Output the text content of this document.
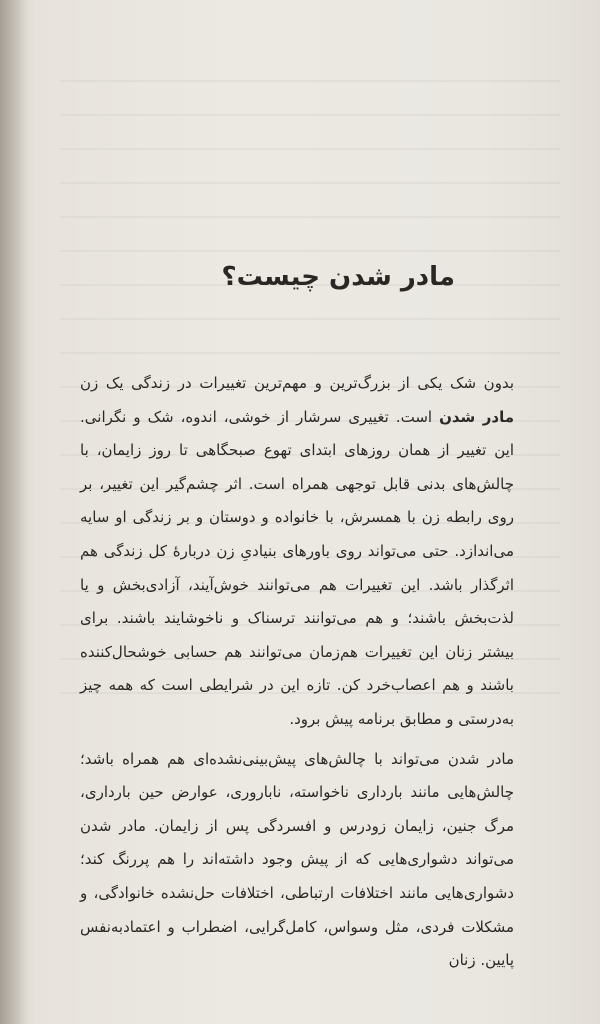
مادر شدن چیست؟

بدون شک یکی از بزرگ‌ترین و مهم‌ترین تغییرات در زندگی یک زن مادر شدن است. تغییری سرشار از خوشی، اندوه، شک و نگرانی. این تغییر از همان روزهای ابتدای تهوع صبحگاهی تا روز زایمان، با چالش‌های بدنی قابل توجهی همراه است. اثر چشم‌گیر این تغییر، بر روی رابطه زن با همسرش، با خانواده و دوستان و بر زندگی او سایه می‌اندازد. حتی می‌تواند روی باورهای بنیادیِ زن دربارهٔ کل زندگی هم اثرگذار باشد. این تغییرات هم می‌توانند خوش‌آیند، آزادی‌بخش و یا لذت‌بخش باشند؛ و هم می‌توانند ترسناک و ناخوشایند باشند. برای بیشتر زنان این تغییرات هم‌زمان می‌توانند هم حسابی خوشحال‌کننده باشند و هم اعصاب‌خرد کن. تازه این در شرایطی است که همه چیز به‌درستی و مطابق برنامه پیش برود.

مادر شدن می‌تواند با چالش‌های پیش‌بینی‌نشده‌ای هم همراه باشد؛ چالش‌هایی مانند بارداری ناخواسته، ناباروری، عوارض حین بارداری، مرگ جنین، زایمان زودرس و افسردگی پس از زایمان. مادر شدن می‌تواند دشواری‌هایی که از پیش وجود داشته‌اند را هم پررنگ کند؛ دشواری‌هایی مانند اختلافات ارتباطی، اختلافات حل‌نشده خانوادگی، و مشکلات فردی، مثل وسواس، کامل‌گرایی، اضطراب و اعتمادبه‌نفس پایین. زنان
